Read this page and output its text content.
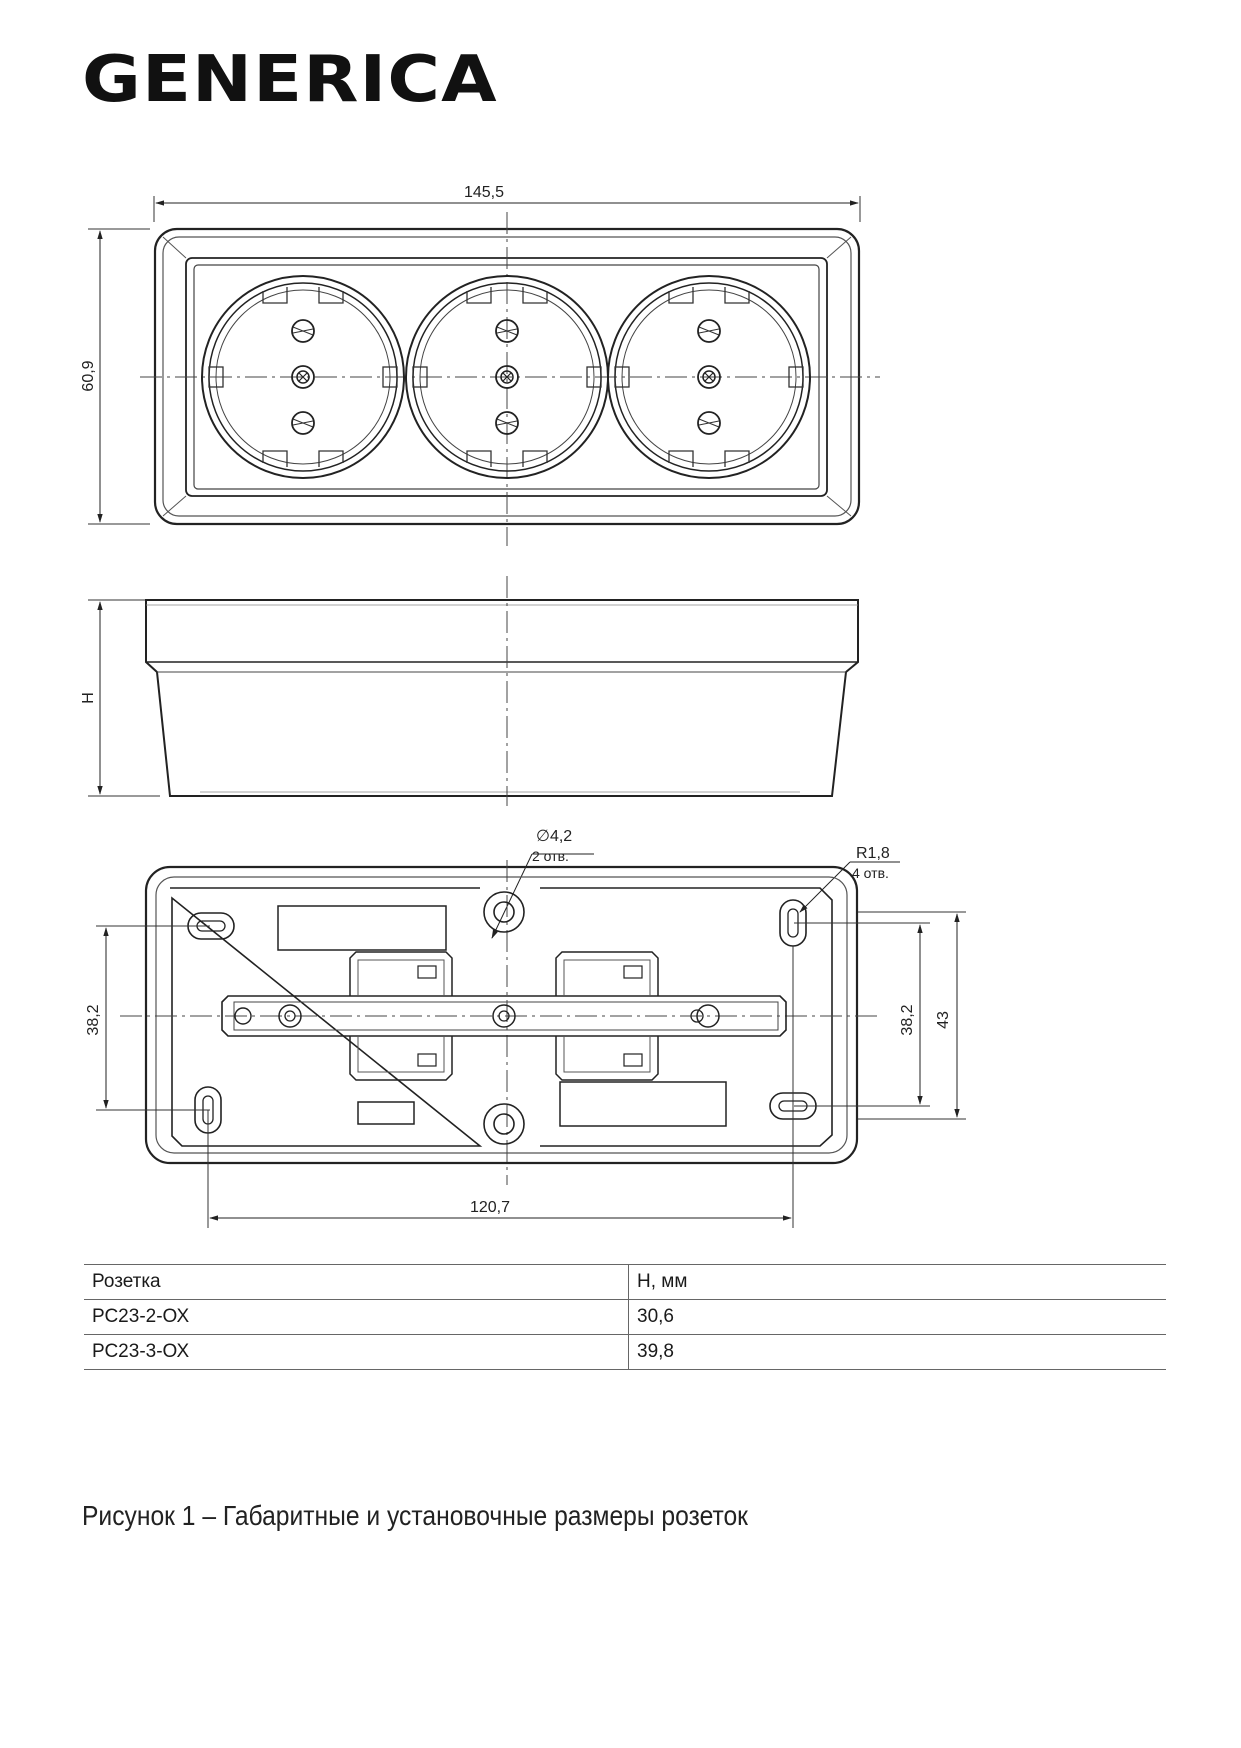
GENERICA
145,5
60,9
H
∅4,2
2 отв.	R1,8
4 отв.
38,2	38,2 43
120,7
Розетка	H, мм
РС23-2-ОХ	30,6
РС23-3-ОХ	39,8
Рисунок 1 – Габаритные и установочные размеры розеток
